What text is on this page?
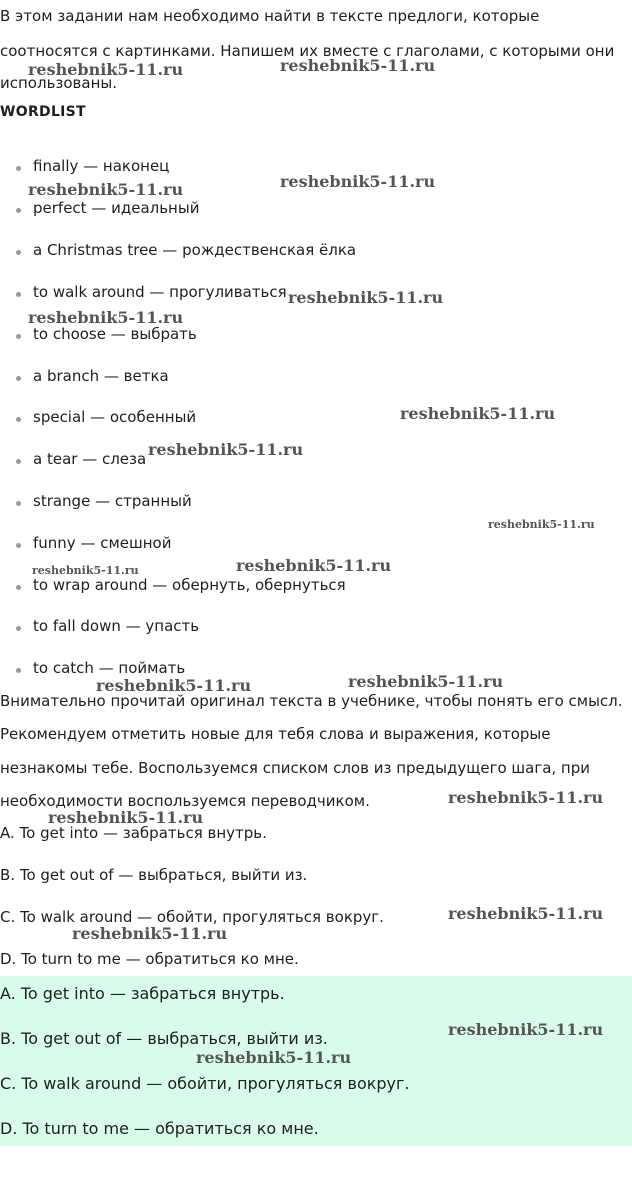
В этом задании нам необходимо найти в тексте предлоги, которые

соотносятся с картинками. Напишем их вместе с глаголами, с которыми они

использованы.

WORDLIST
finally — наконец
perfect — идеальный
a Christmas tree — рождественская ёлка
to walk around — прогуливаться
to choose — выбрать
a branch — ветка
special — особенный
a tear — слеза
strange — странный
funny — смешной
to wrap around — обернуть, обернуться
to fall down — упасть
to catch — поймать

Внимательно прочитай оригинал текста в учебнике, чтобы понять его смысл.

Рекомендуем отметить новые для тебя слова и выражения, которые

незнакомы тебе. Воспользуемся списком слов из предыдущего шага, при

необходимости воспользуемся переводчиком.

A. To get into — забраться внутрь.

B. To get out of — выбраться, выйти из.

C. To walk around — обойти, прогуляться вокруг.

D. To turn to me — обратиться ко мне.

A. To get into — забраться внутрь.
B. To get out of — выбраться, выйти из.
C. To walk around — обойти, прогуляться вокруг.
D. To turn to me — обратиться ко мне.
reshebnik5-11.ru	reshebnik5-11.ru
reshebnik5-11.ru	reshebnik5-11.ru
reshebnik5-11.ru
reshebnik5-11.ru
reshebnik5-11.ru
reshebnik5-11.ru
reshebnik5-11.ru
reshebnik5-11.ru
reshebnik5-11.ru
reshebnik5-11.ru
reshebnik5-11.ru
reshebnik5-11.ru
reshebnik5-11.ru
reshebnik5-11.ru
reshebnik5-11.ru
reshebnik5-11.ru
reshebnik5-11.ru
